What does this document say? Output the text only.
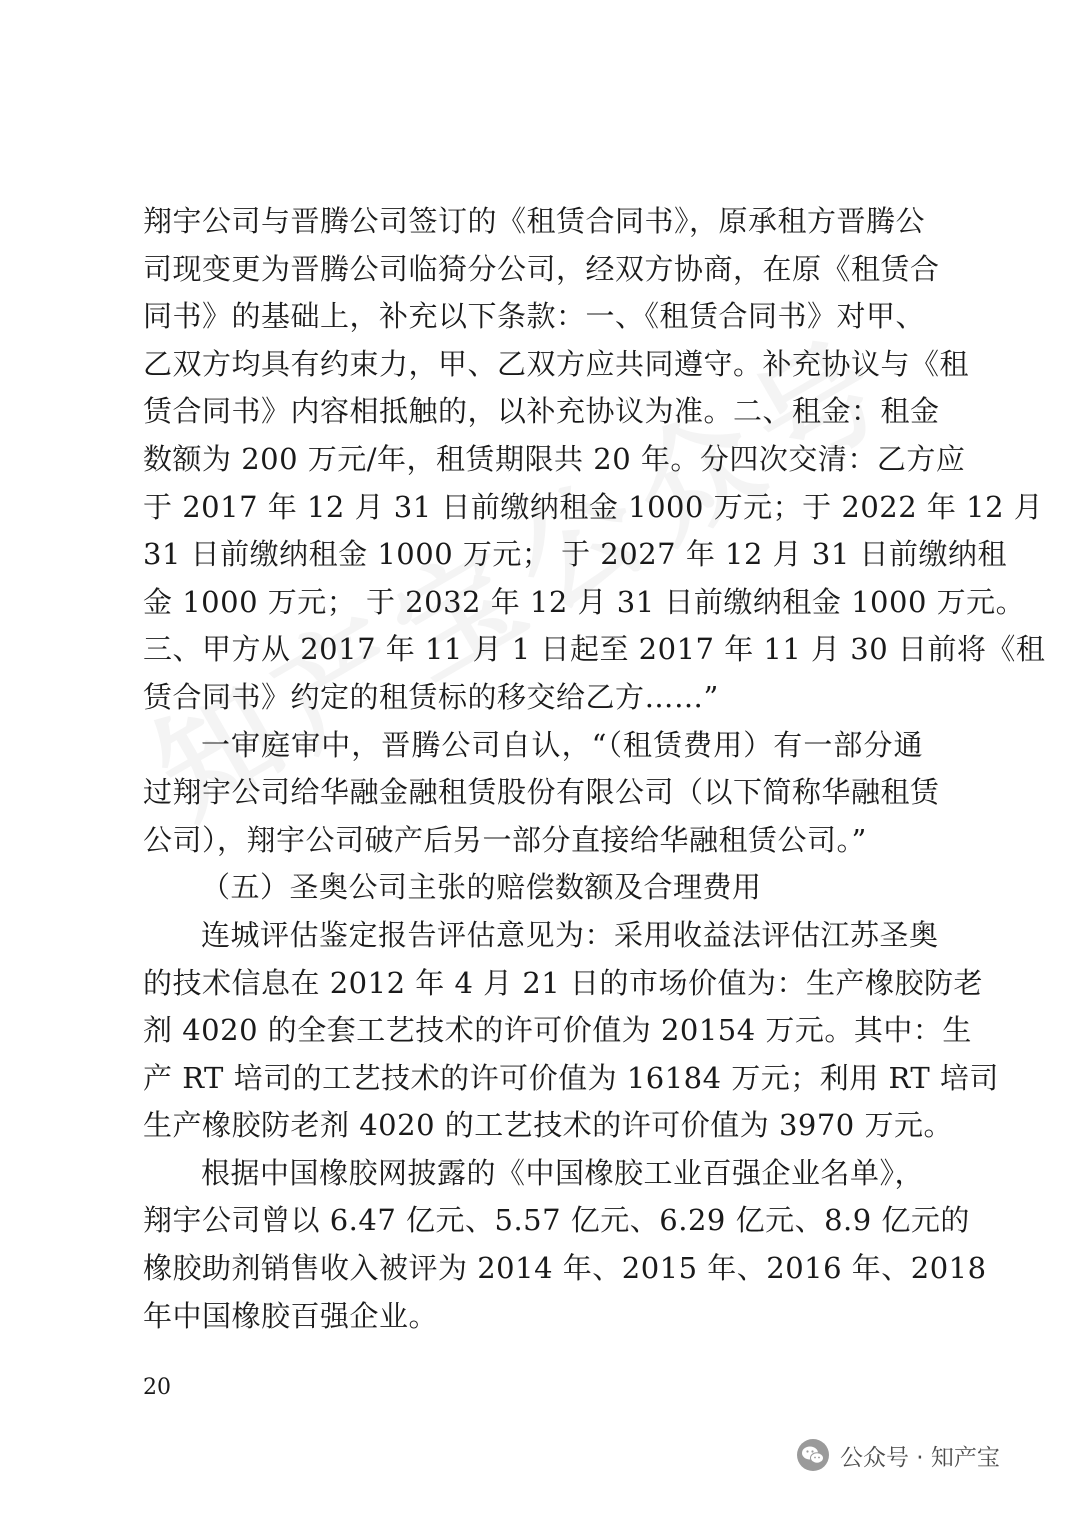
翔宇公司与晋腾公司签订的《租赁合同书》，原承租方晋腾公
司现变更为晋腾公司临猗分公司，经双方协商，在原《租赁合
同书》的基础上，补充以下条款：一、《租赁合同书》对甲、
乙双方均具有约束力，甲、乙双方应共同遵守。补充协议与《租
赁合同书》内容相抵触的，以补充协议为准。二、租金：租金
数额为 200 万元/年，租赁期限共 20 年。分四次交清：乙方应
于 2017 年 12 月 31 日前缴纳租金 1000 万元；于 2022 年 12 月
31 日前缴纳租金 1000 万元； 于 2027 年 12 月 31 日前缴纳租
金 1000 万元； 于 2032 年 12 月 31 日前缴纳租金 1000 万元。
三、甲方从 2017 年 11 月 1 日起至 2017 年 11 月 30 日前将《租
赁合同书》约定的租赁标的移交给乙方……”
一审庭审中，晋腾公司自认，“（租赁费用）有一部分通
过翔宇公司给华融金融租赁股份有限公司（以下简称华融租赁
公司），翔宇公司破产后另一部分直接给华融租赁公司。”
（五）圣奥公司主张的赔偿数额及合理费用
连城评估鉴定报告评估意见为：采用收益法评估江苏圣奥
的技术信息在 2012 年 4 月 21 日的市场价值为：生产橡胶防老
剂 4020 的全套工艺技术的许可价值为 20154 万元。其中：生
产 RT 培司的工艺技术的许可价值为 16184 万元；利用 RT 培司
生产橡胶防老剂 4020 的工艺技术的许可价值为 3970 万元。
根据中国橡胶网披露的《中国橡胶工业百强企业名单》，
翔宇公司曾以 6.47 亿元、5.57 亿元、6.29 亿元、8.9 亿元的
橡胶助剂销售收入被评为 2014 年、2015 年、2016 年、2018
年中国橡胶百强企业。
20
公众号 · 知产宝
